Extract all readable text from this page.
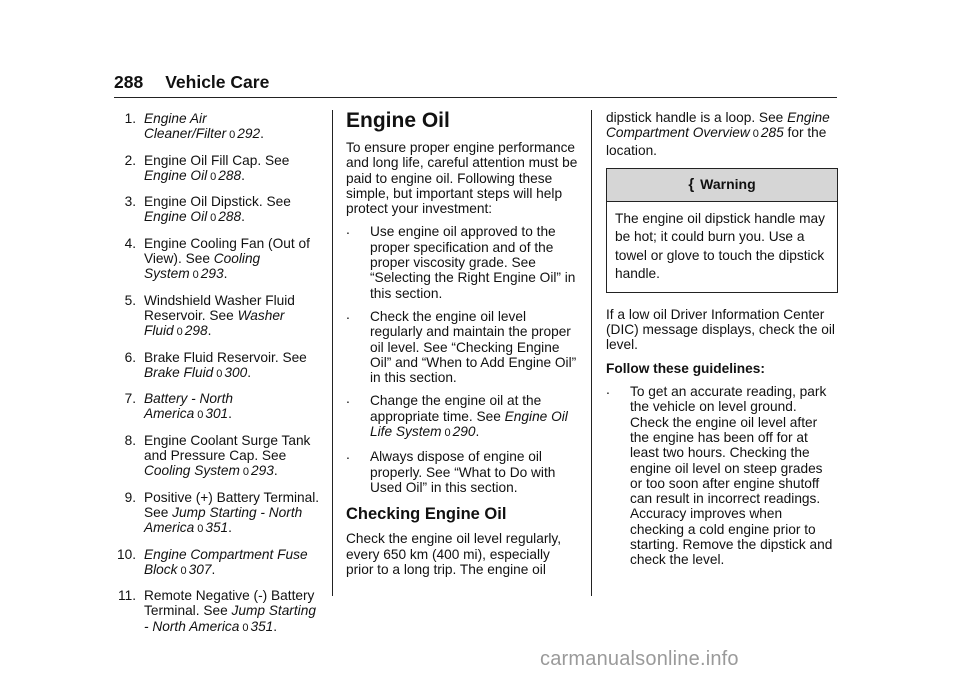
288 Vehicle Care
1. Engine Air Cleaner/Filter 0 292.
2. Engine Oil Fill Cap. See Engine Oil 0 288.
3. Engine Oil Dipstick. See Engine Oil 0 288.
4. Engine Cooling Fan (Out of View). See Cooling System 0 293.
5. Windshield Washer Fluid Reservoir. See Washer Fluid 0 298.
6. Brake Fluid Reservoir. See Brake Fluid 0 300.
7. Battery - North America 0 301.
8. Engine Coolant Surge Tank and Pressure Cap. See Cooling System 0 293.
9. Positive (+) Battery Terminal. See Jump Starting - North America 0 351.
10. Engine Compartment Fuse Block 0 307.
11. Remote Negative (-) Battery Terminal. See Jump Starting - North America 0 351.
Engine Oil

To ensure proper engine performance and long life, careful attention must be paid to engine oil. Following these simple, but important steps will help protect your investment:

. Use engine oil approved to the proper specification and of the proper viscosity grade. See “Selecting the Right Engine Oil” in this section.
. Check the engine oil level regularly and maintain the proper oil level. See “Checking Engine Oil” and “When to Add Engine Oil” in this section.
. Change the engine oil at the appropriate time. See Engine Oil Life System 0 290.
. Always dispose of engine oil properly. See “What to Do with Used Oil” in this section.
Checking Engine Oil

Check the engine oil level regularly, every 650 km (400 mi), especially prior to a long trip. The engine oil

dipstick handle is a loop. See Engine Compartment Overview 0 285 for the location.

{ Warning
The engine oil dipstick handle may be hot; it could burn you. Use a towel or glove to touch the dipstick handle.

If a low oil Driver Information Center (DIC) message displays, check the oil level.

Follow these guidelines:

. To get an accurate reading, park the vehicle on level ground. Check the engine oil level after the engine has been off for at least two hours. Checking the engine oil level on steep grades or too soon after engine shutoff can result in incorrect readings. Accuracy improves when checking a cold engine prior to starting. Remove the dipstick and check the level.
carmanualsonline.info
